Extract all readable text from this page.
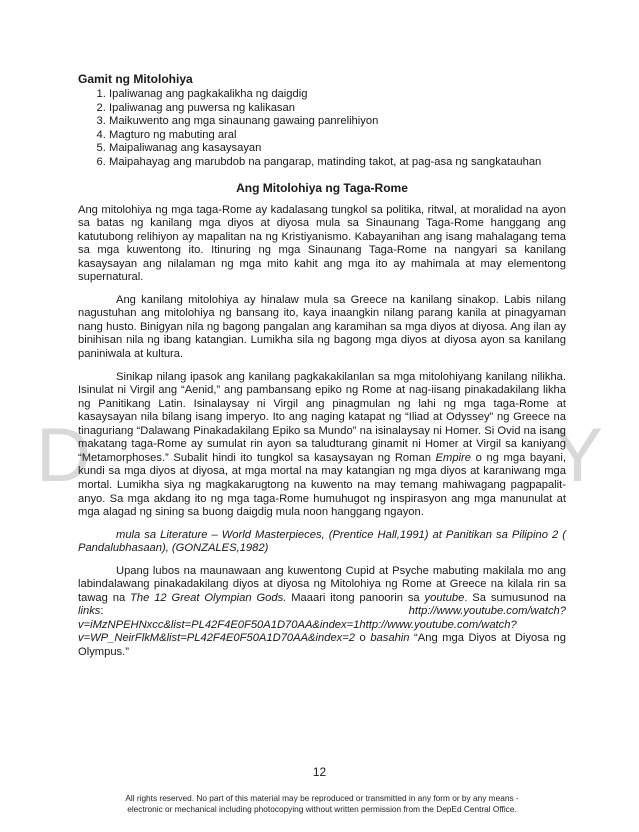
D	Y
Gamit ng Mitolohiya
1. Ipaliwanag ang pagkakalikha ng daigdig
2. Ipaliwanag ang puwersa ng kalikasan
3. Maikuwento ang mga sinaunang gawaing panrelihiyon
4. Magturo ng mabuting aral
5. Maipaliwanag ang kasaysayan
6. Maipahayag ang marubdob na pangarap, matinding takot, at pag-asa ng sangkatauhan
Ang Mitolohiya ng Taga-Rome

Ang mitolohiya ng mga taga-Rome ay kadalasang tungkol sa politika, ritwal, at moralidad na ayon sa batas ng kanilang mga diyos at diyosa mula sa Sinaunang Taga-Rome hanggang ang katutubong relihiyon ay mapalitan na ng Kristiyanismo. Kabayanihan ang isang mahalagang tema sa mga kuwentong ito. Itinuring ng mga Sinaunang Taga-Rome na nangyari sa kanilang kasaysayan ang nilalaman ng mga mito kahit ang mga ito ay mahimala at may elementong supernatural.

Ang kanilang mitolohiya ay hinalaw mula sa Greece na kanilang sinakop. Labis nilang nagustuhan ang mitolohiya ng bansang ito, kaya inaangkin nilang parang kanila at pinagyaman nang husto. Binigyan nila ng bagong pangalan ang karamihan sa mga diyos at diyosa. Ang ilan ay binihisan nila ng ibang katangian. Lumikha sila ng bagong mga diyos at diyosa ayon sa kanilang paniniwala at kultura.

Sinikap nilang ipasok ang kanilang pagkakakilanlan sa mga mitolohiyang kanilang nilikha. Isinulat ni Virgil ang “Aenid,” ang pambansang epiko ng Rome at nag-iisang pinakadakilang likha ng Panitikang Latin. Isinalaysay ni Virgil ang pinagmulan ng lahi ng mga taga-Rome at kasaysayan nila bilang isang imperyo. Ito ang naging katapat ng “Iliad at Odyssey” ng Greece na tinaguriang “Dalawang Pinakadakilang Epiko sa Mundo” na isinalaysay ni Homer. Si Ovid na isang makatang taga-Rome ay sumulat rin ayon sa taludturang ginamit ni Homer at Virgil sa kaniyang “Metamorphoses.” Subalit hindi ito tungkol sa kasaysayan ng Roman Empire o ng mga bayani, kundi sa mga diyos at diyosa, at mga mortal na may katangian ng mga diyos at karaniwang mga mortal. Lumikha siya ng magkakarugtong na kuwento na may temang mahiwagang pagpapalit-anyo. Sa mga akdang ito ng mga taga-Rome humuhugot ng inspirasyon ang mga manunulat at mga alagad ng sining sa buong daigdig mula noon hanggang ngayon.

mula sa Literature – World Masterpieces, (Prentice Hall,1991) at Panitikan sa Pilipino 2 ( Pandalubhasaan), (GONZALES,1982)

Upang lubos na maunawaan ang kuwentong Cupid at Psyche mabuting makilala mo ang labindalawang pinakadakilang diyos at diyosa ng Mitolohiya ng Rome at Greece na kilala rin sa tawag na The 12 Great Olympian Gods. Maaari itong panoorin sa youtube. Sa sumusunod na links: http://www.youtube.com/watch?v=iMzNPEHNxcc&list=PL42F4E0F50A1D70AA&index=1http://www.youtube.com/watch?v=WP_NeirFlkM&list=PL42F4E0F50A1D70AA&index=2 o basahin “Ang mga Diyos at Diyosa ng Olympus.”

12
All rights reserved. No part of this material may be reproduced or transmitted in any form or by any means -
electronic or mechanical including photocopying without written permission from the DepEd Central Office.
